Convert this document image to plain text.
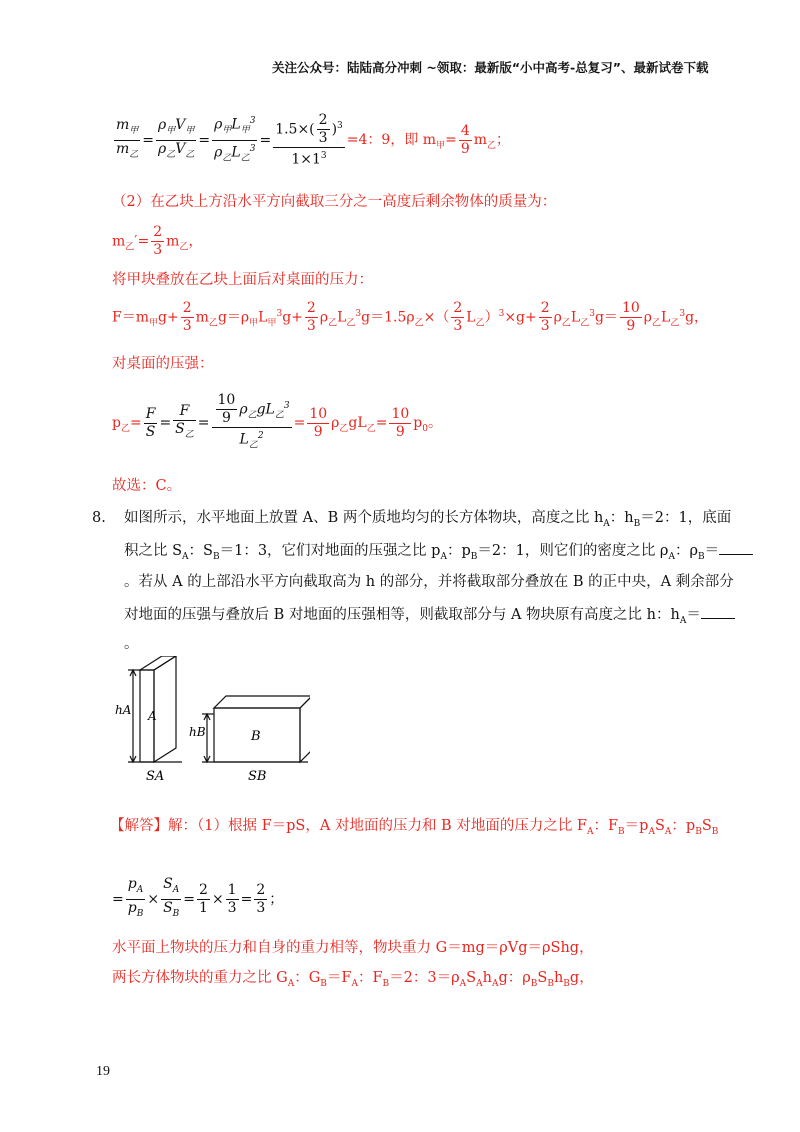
关注公众号：陆陆高分冲刺 ~领取：最新版“小中高考-总复习”、最新试卷下载
$\frac{m_甲}{m_乙} = \frac{\rho_甲V_甲}{\rho_乙V_乙} = \frac{\rho_甲L_甲^3}{\rho_乙L_乙^3} = \frac{1.5\times( \frac{2}{3} )^3}{1\times 1^3} =4$：9，即 $m_甲= \frac{4}{9} m_乙$；
（2）在乙块上方沿水平方向截取三分之一高度后剩余物体的质量为：
$m_乙'= \frac{2}{3} m_乙$，
将甲块叠放在乙块上面后对桌面的压力：
$F=m_甲g+ \frac{2}{3} m_乙g=\rho_甲L_甲^3g+ \frac{2}{3} \rho_乙L_乙^3g=1.5\rho_乙\times( \frac{2}{3} L_乙)^3\times g+ \frac{2}{3} \rho_乙L_乙^3g= \frac{10}{9} \rho_乙L_乙^3g$，
对桌面的压强：
$p_乙= \frac{F}{S} = \frac{F}{S_乙} = \frac{\frac{10}{9} \rho_乙gL_乙^3}{L_乙^2} = \frac{10}{9} \rho_乙gL_乙= \frac{10}{9} p_0$。
故选：C。
8. 如图所示，水平地面上放置 A、B 两个质地均匀的长方体物块，高度之比 $h_A$：$h_B=2$：1，底面
积之比 $S_A$：$S_B=1$：3，它们对地面的压强之比 $p_A$：$p_B=2$：1，则它们的密度之比 $\rho_A$：$\rho_B=$
。若从 A 的上部沿水平方向截取高为 h 的部分，并将截取部分叠放在 B 的正中央，A 剩余部分
对地面的压强与叠放后 B 对地面的压强相等，则截取部分与 A 物块原有高度之比 h：$h_A=$
。
A
B
hA
hB
SA	SB
【解答】解：（1）根据 F＝pS，A 对地面的压力和 B 对地面的压力之比 $F_A$：$F_B=p_AS_A$：$p_BS_B$
= $\frac{p_A}{p_B} \times \frac{S_A}{S_B} = \frac{2}{1} \times \frac{1}{3} = \frac{2}{3}$ ；
水平面上物块的压力和自身的重力相等，物块重力 G＝mg＝ρVg＝ρShg，
两长方体物块的重力之比 $G_A$：$G_B=F_A$：$F_B=2$：$3=\rho_AS_Ah_Ag$：$\rho_BS_Bh_Bg$，
19
